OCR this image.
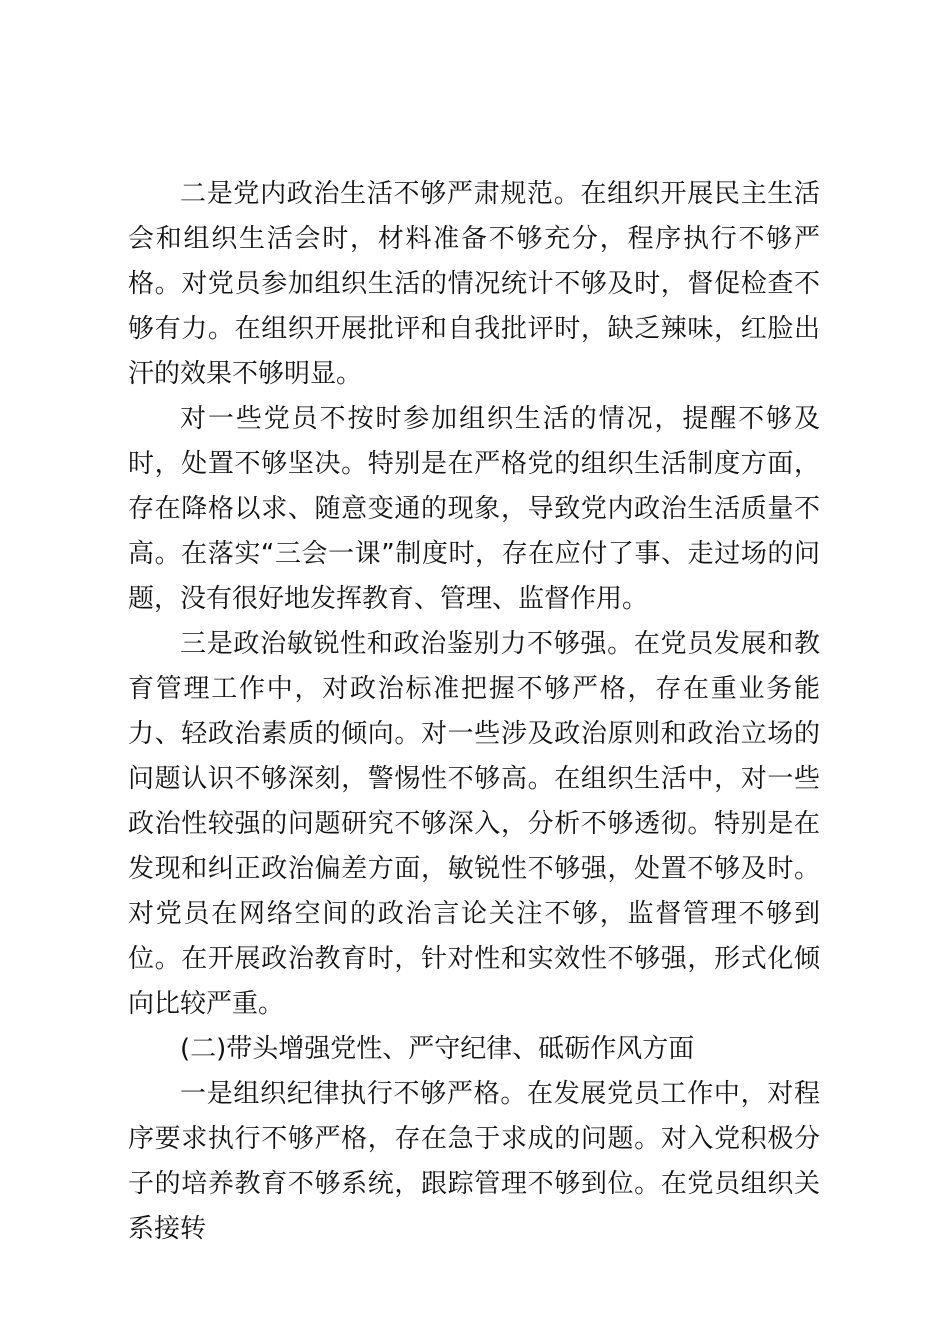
二是党内政治生活不够严肃规范。在组织开展民主生活会和组织生活会时，材料准备不够充分，程序执行不够严格。对党员参加组织生活的情况统计不够及时，督促检查不够有力。在组织开展批评和自我批评时，缺乏辣味，红脸出汗的效果不够明显。

对一些党员不按时参加组织生活的情况，提醒不够及时，处置不够坚决。特别是在严格党的组织生活制度方面，存在降格以求、随意变通的现象，导致党内政治生活质量不高。在落实“三会一课”制度时，存在应付了事、走过场的问题，没有很好地发挥教育、管理、监督作用。

三是政治敏锐性和政治鉴别力不够强。在党员发展和教育管理工作中，对政治标准把握不够严格，存在重业务能力、轻政治素质的倾向。对一些涉及政治原则和政治立场的问题认识不够深刻，警惕性不够高。在组织生活中，对一些政治性较强的问题研究不够深入，分析不够透彻。特别是在发现和纠正政治偏差方面，敏锐性不够强，处置不够及时。对党员在网络空间的政治言论关注不够，监督管理不够到位。在开展政治教育时，针对性和实效性不够强，形式化倾向比较严重。

(二)带头增强党性、严守纪律、砥砺作风方面

一是组织纪律执行不够严格。在发展党员工作中，对程序要求执行不够严格，存在急于求成的问题。对入党积极分子的培养教育不够系统，跟踪管理不够到位。在党员组织关系接转
